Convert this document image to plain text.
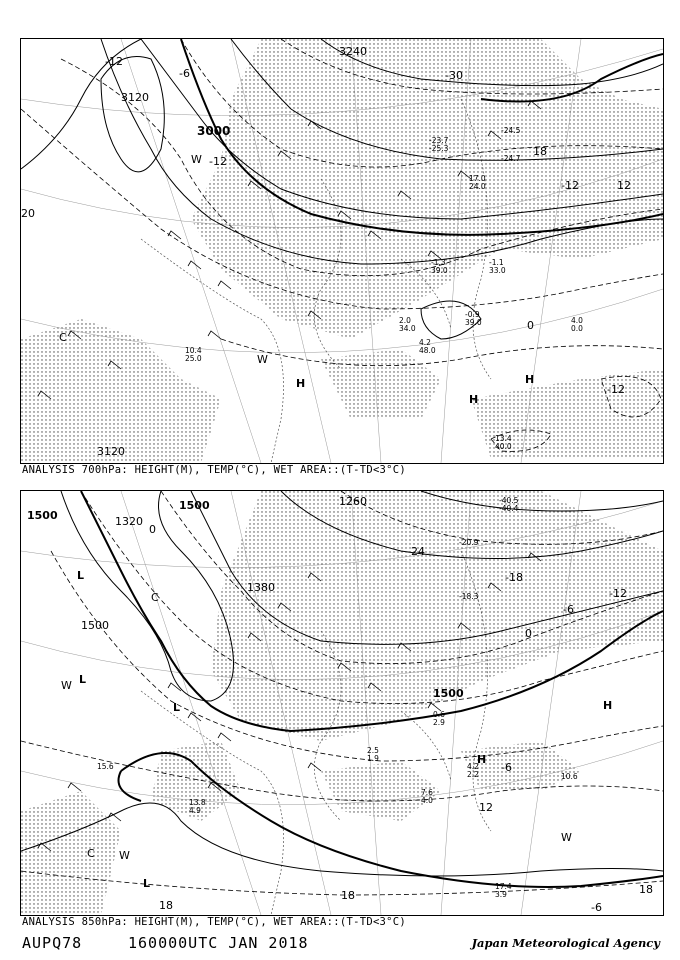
3000
3120
3120
3240
-12
-6
-12
-12
-30
18
12
0
-12
H
H
H
W
C
W
20
-24.5
-24.7
2.0
34.0
4.2
48.0
10.4
25.0
-0.9
39.0	4.0
0.0
-1.1
33.0
13.4
40.0
-23.7
-25.3
17.0
24.0
-1.3
39.0
ANALYSIS 700hPa: HEIGHT(M), TEMP(°C), WET AREA::(T-TD<3°C)
1500
1500
1500
1380
1320
1260
1500
-24
-18
-12
-6
0
-6
12
18
18
18
0
-6
L
L
L
L
W
W
W
C
H
H
C
-40.5
-40.4
-20.9
-18.3
7.6
4.0
4.2
2.2
17.4
3.9
13.8
4.9
15.6
10.6
0.6
2.9
2.5
1.9
ANALYSIS 850hPa: HEIGHT(M), TEMP(°C), WET AREA::(T-TD<3°C)
AUPQ78	160000UTC JAN 2018	Japan Meteorological Agency
